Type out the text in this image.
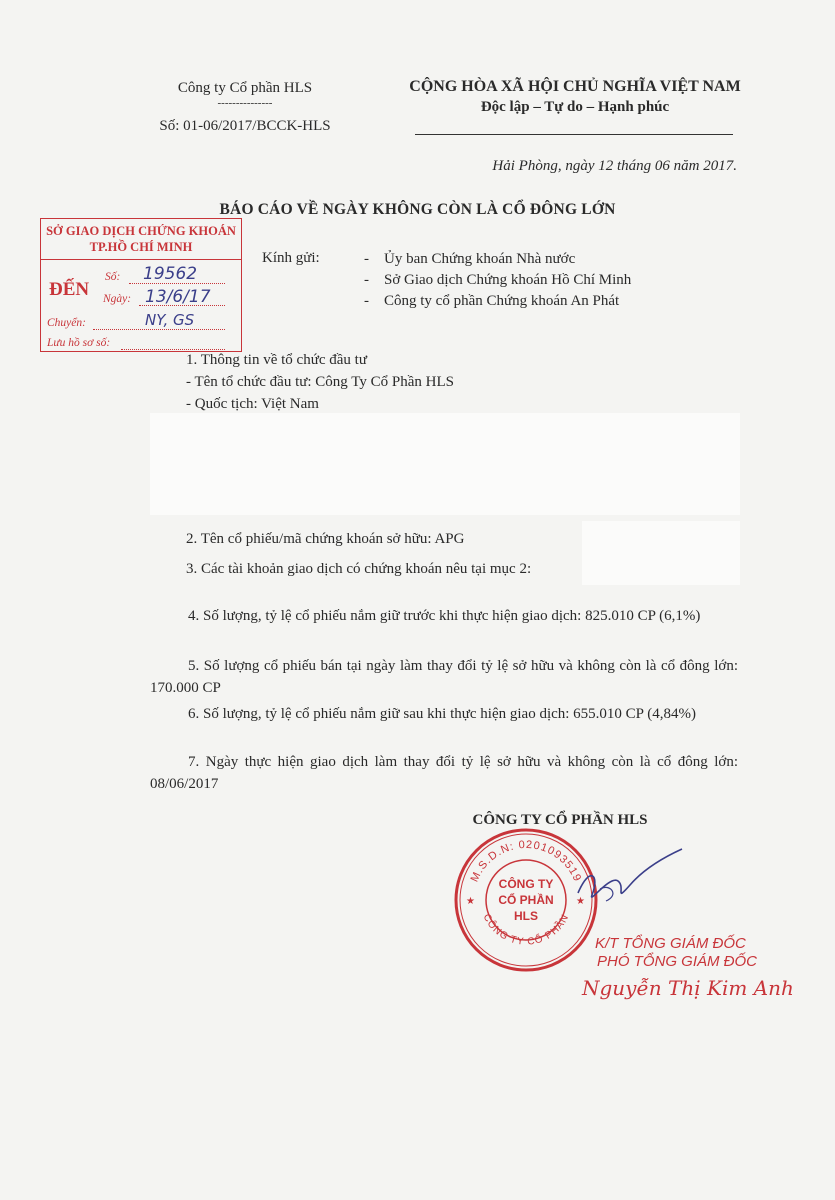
Công ty Cổ phần HLS
---------------
Số: 01-06/2017/BCCK-HLS
CỘNG HÒA XÃ HỘI CHỦ NGHĨA VIỆT NAM
Độc lập – Tự do – Hạnh phúc
Hải Phòng, ngày 12 tháng 06 năm 2017.
BÁO CÁO VỀ NGÀY KHÔNG CÒN LÀ CỔ ĐÔNG LỚN
Kính gửi:	-    Ủy ban Chứng khoán Nhà nước
-    Sở Giao dịch Chứng khoán Hồ Chí Minh
-    Công ty cổ phần Chứng khoán An Phát
SỞ GIAO DỊCH CHỨNG KHOÁN
TP.HỒ CHÍ MINH
ĐẾN
Số:
Ngày:
Chuyển:
Lưu hồ sơ số:
19562
13/6/17
NY, GS
1. Thông tin về tổ chức đầu tư
- Tên tổ chức đầu tư: Công Ty Cổ Phần HLS
- Quốc tịch: Việt Nam
2. Tên cổ phiếu/mã chứng khoán sở hữu: APG
3. Các tài khoản giao dịch có chứng khoán nêu tại mục 2:
4. Số lượng, tỷ lệ cổ phiếu nắm giữ trước khi thực hiện giao dịch: 825.010 CP (6,1%)
5. Số lượng cổ phiếu bán tại ngày làm thay đổi tỷ lệ sở hữu và không còn là cổ đông lớn: 170.000 CP
6. Số lượng, tỷ lệ cổ phiếu nắm giữ sau khi thực hiện giao dịch: 655.010 CP (4,84%)
7. Ngày thực hiện giao dịch làm thay đổi tỷ lệ sở hữu và không còn là cổ đông lớn: 08/06/2017
CÔNG TY CỔ PHẦN HLS
M.S.D.N: 0201093519
CÔNG TY CỔ PHẦN
CÔNG TY
CỔ PHẦN
HLS
★	★
K/T TỔNG GIÁM ĐỐC
PHÓ TỔNG GIÁM ĐỐC
Nguyễn Thị Kim Anh
